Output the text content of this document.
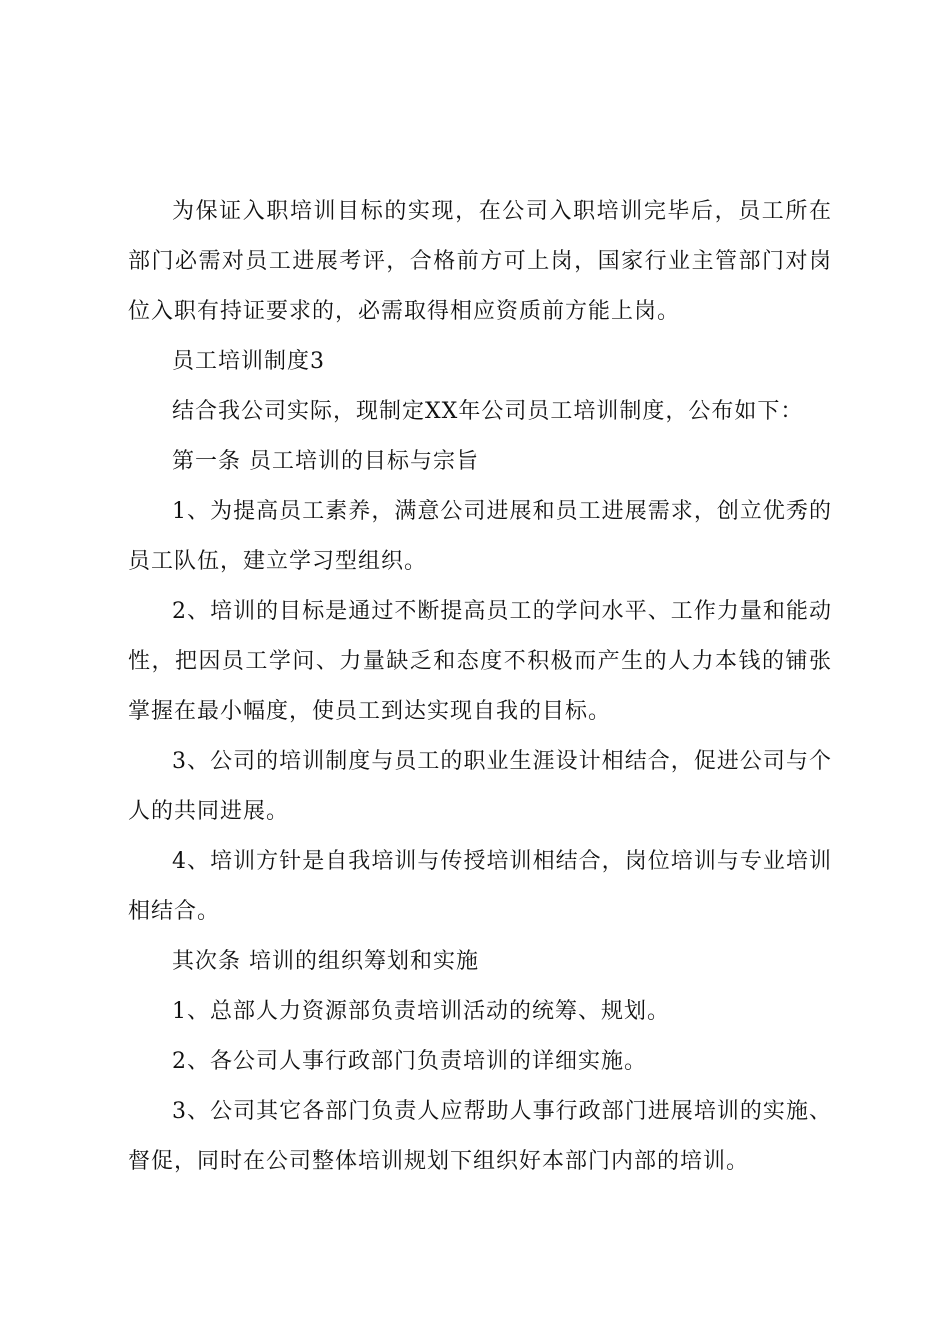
为保证入职培训目标的实现，在公司入职培训完毕后，员工所在部门必需对员工进展考评，合格前方可上岗，国家行业主管部门对岗位入职有持证要求的，必需取得相应资质前方能上岗。

员工培训制度3

结合我公司实际，现制定XX年公司员工培训制度，公布如下：

第一条 员工培训的目标与宗旨

1、为提高员工素养，满意公司进展和员工进展需求，创立优秀的员工队伍，建立学习型组织。

2、培训的目标是通过不断提高员工的学问水平、工作力量和能动性，把因员工学问、力量缺乏和态度不积极而产生的人力本钱的铺张掌握在最小幅度，使员工到达实现自我的目标。

3、公司的培训制度与员工的职业生涯设计相结合，促进公司与个人的共同进展。

4、培训方针是自我培训与传授培训相结合，岗位培训与专业培训相结合。

其次条 培训的组织筹划和实施

1、总部人力资源部负责培训活动的统筹、规划。

2、各公司人事行政部门负责培训的详细实施。

3、公司其它各部门负责人应帮助人事行政部门进展培训的实施、督促，同时在公司整体培训规划下组织好本部门内部的培训。
